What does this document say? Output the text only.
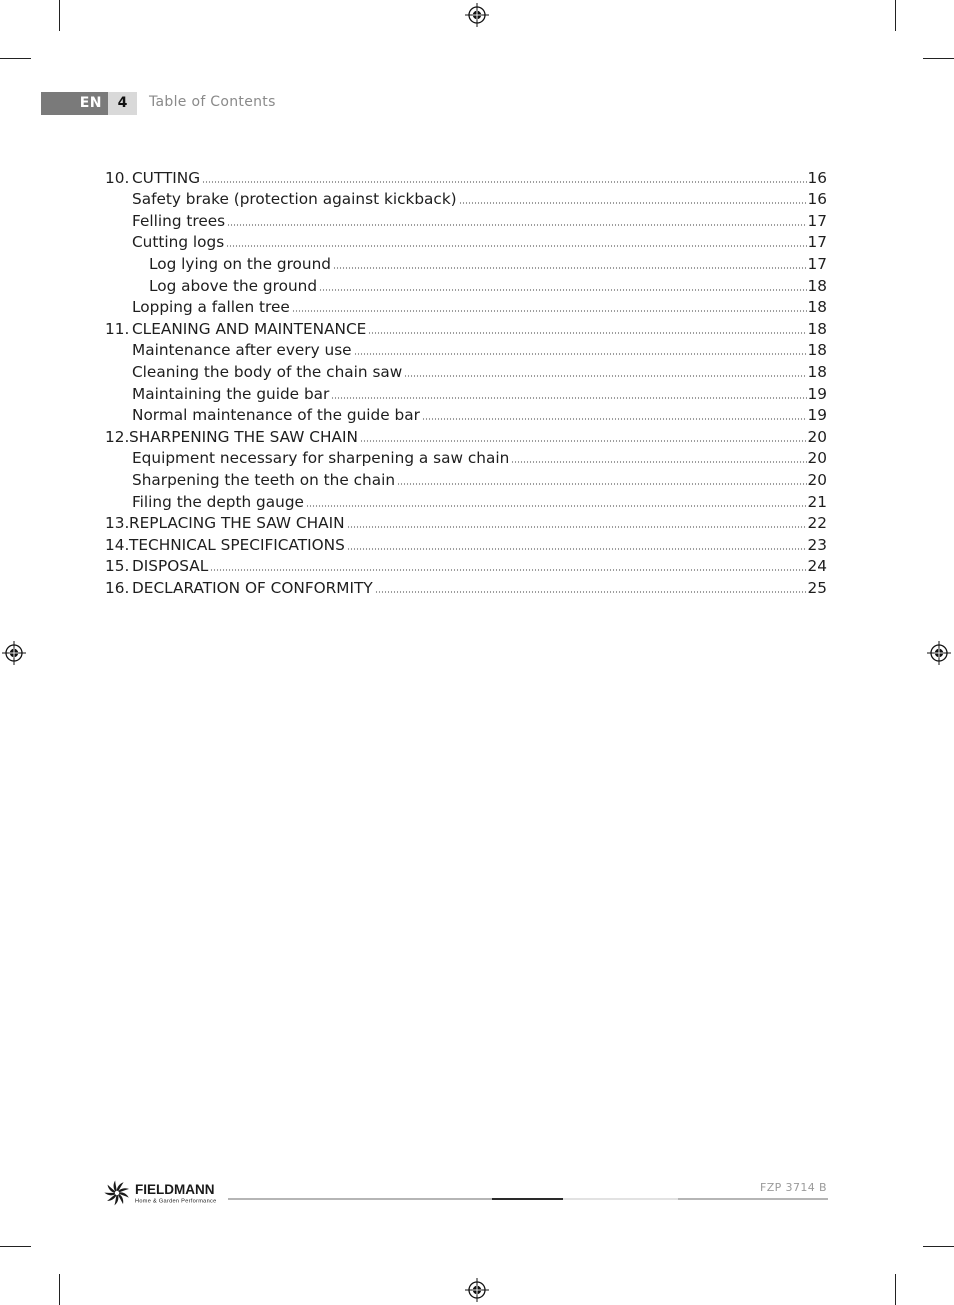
EN	4	Table of Contents
10. CUTTING	16
Safety brake (protection against kickback)	16
Felling trees	17
Cutting logs	17
Log lying on the ground	17
Log above the ground	18
Lopping a fallen tree	18
11. CLEANING AND MAINTENANCE	18
Maintenance after every use	18
Cleaning the body of the chain saw	18
Maintaining the guide bar	19
Normal maintenance of the guide bar	19
12. SHARPENING THE SAW CHAIN	20
Equipment necessary for sharpening a saw chain	20
Sharpening the teeth on the chain	20
Filing the depth gauge	21
13. REPLACING THE SAW CHAIN	22
14. TECHNICAL SPECIFICATIONS	23
15. DISPOSAL	24
16. DECLARATION OF CONFORMITY	25
FIELDMANN
Home & Garden Performance
FZP 3714 B
